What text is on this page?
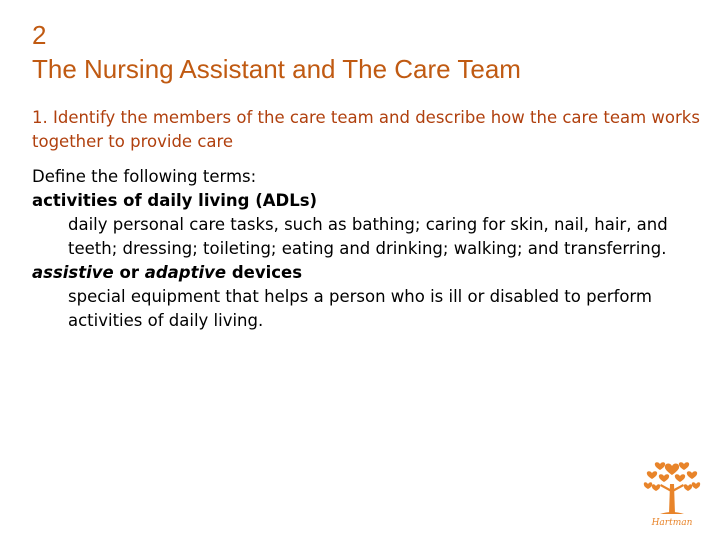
2
The Nursing Assistant and The Care Team
1. Identify the members of the care team and describe how the care team works together to provide care

Define the following terms:

activities of daily living (ADLs)

daily personal care tasks, such as bathing; caring for skin, nail, hair, and teeth; dressing; toileting; eating and drinking; walking; and transferring.

assistive or adaptive devices

special equipment that helps a person who is ill or disabled to perform activities of daily living.

Hartman
